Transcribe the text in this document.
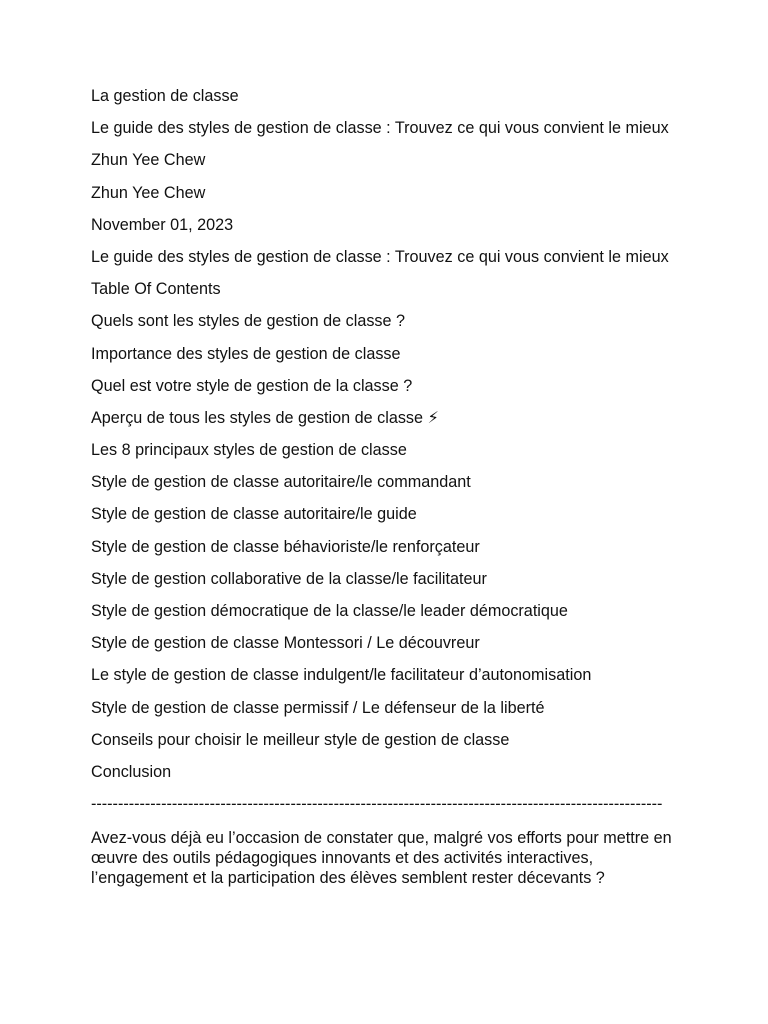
La gestion de classe
Le guide des styles de gestion de classe : Trouvez ce qui vous convient le mieux
Zhun Yee Chew
Zhun Yee Chew
November 01, 2023
Le guide des styles de gestion de classe : Trouvez ce qui vous convient le mieux
Table Of Contents
Quels sont les styles de gestion de classe ?
Importance des styles de gestion de classe
Quel est votre style de gestion de la classe ?
Aperçu de tous les styles de gestion de classe ⚡
Les 8 principaux styles de gestion de classe
Style de gestion de classe autoritaire/le commandant
Style de gestion de classe autoritaire/le guide
Style de gestion de classe béhavioriste/le renforçateur
Style de gestion collaborative de la classe/le facilitateur
Style de gestion démocratique de la classe/le leader démocratique
Style de gestion de classe Montessori / Le découvreur
Le style de gestion de classe indulgent/le facilitateur d’autonomisation
Style de gestion de classe permissif / Le défenseur de la liberté
Conseils pour choisir le meilleur style de gestion de classe
Conclusion
----------------------------------------------------------------------------------------------------------
Avez-vous déjà eu l’occasion de constater que, malgré vos efforts pour mettre en œuvre des outils pédagogiques innovants et des activités interactives, l’engagement et la participation des élèves semblent rester décevants ?
